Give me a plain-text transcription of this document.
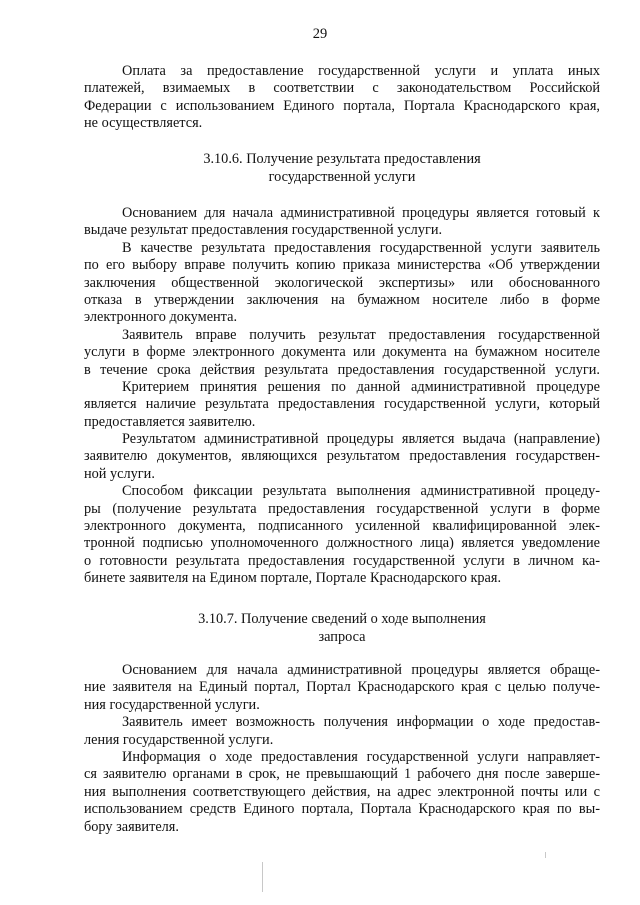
29
Оплата за предоставление государственной услуги и уплата иных
платежей, взимаемых в соответствии с законодательством Российской
Федерации с использованием Единого портала, Портала Краснодарского края,
не осуществляется.
3.10.6. Получение результата предоставления
государственной услуги
Основанием для начала административной процедуры является готовый к
выдаче результат предоставления государственной услуги.
В качестве результата предоставления государственной услуги заявитель
по его выбору вправе получить копию приказа министерства «Об утверждении
заключения общественной экологической экспертизы» или обоснованного
отказа в утверждении заключения на бумажном носителе либо в форме
электронного документа.
Заявитель вправе получить результат предоставления государственной
услуги в форме электронного документа или документа на бумажном носителе
в течение срока действия результата предоставления государственной услуги.
Критерием принятия решения по данной административной процедуре
является наличие результата предоставления государственной услуги, который
предоставляется заявителю.
Результатом административной процедуры является выдача (направление)
заявителю документов, являющихся результатом предоставления государствен-
ной услуги.
Способом фиксации результата выполнения административной процеду-
ры (получение результата предоставления государственной услуги в форме
электронного документа, подписанного усиленной квалифицированной элек-
тронной подписью уполномоченного должностного лица) является уведомление
о готовности результата предоставления государственной услуги в личном ка-
бинете заявителя на Едином портале, Портале Краснодарского края.
3.10.7. Получение сведений о ходе выполнения
запроса
Основанием для начала административной процедуры является обраще-
ние заявителя на Единый портал, Портал Краснодарского края с целью получе-
ния государственной услуги.
Заявитель имеет возможность получения информации о ходе предостав-
ления государственной услуги.
Информация о ходе предоставления государственной услуги направляет-
ся заявителю органами в срок, не превышающий 1 рабочего дня после заверше-
ния выполнения соответствующего действия, на адрес электронной почты или с
использованием средств Единого портала, Портала Краснодарского края по вы-
бору заявителя.
